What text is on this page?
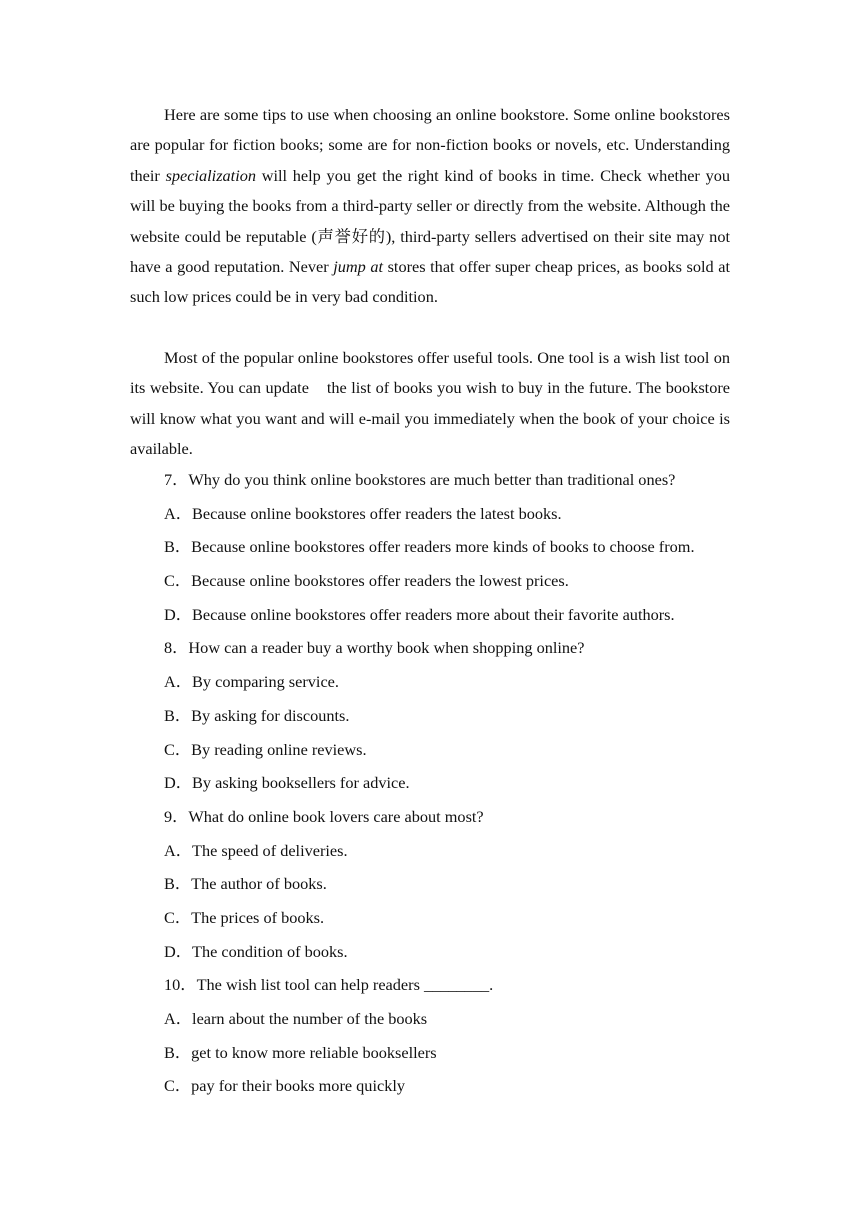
Here are some tips to use when choosing an online bookstore. Some online bookstores are popular for fiction books; some are for non-fiction books or novels, etc. Understanding their specialization will help you get the right kind of books in time. Check whether you will be buying the books from a third-party seller or directly from the website. Although the website could be reputable (声誉好的), third-party sellers advertised on their site may not have a good reputation. Never jump at stores that offer super cheap prices, as books sold at such low prices could be in very bad condition.

Most of the popular online bookstores offer useful tools. One tool is a wish list tool on its website. You can update    the list of books you wish to buy in the future. The bookstore will know what you want and will e-mail you immediately when the book of your choice is available.

7．Why do you think online bookstores are much better than traditional ones?
A．Because online bookstores offer readers the latest books.
B．Because online bookstores offer readers more kinds of books to choose from.
C．Because online bookstores offer readers the lowest prices.
D．Because online bookstores offer readers more about their favorite authors.
8．How can a reader buy a worthy book when shopping online?
A．By comparing service.
B．By asking for discounts.
C．By reading online reviews.
D．By asking booksellers for advice.
9．What do online book lovers care about most?
A．The speed of deliveries.
B．The author of books.
C．The prices of books.
D．The condition of books.
10．The wish list tool can help readers ________.
A．learn about the number of the books
B．get to know more reliable booksellers
C．pay for their books more quickly
